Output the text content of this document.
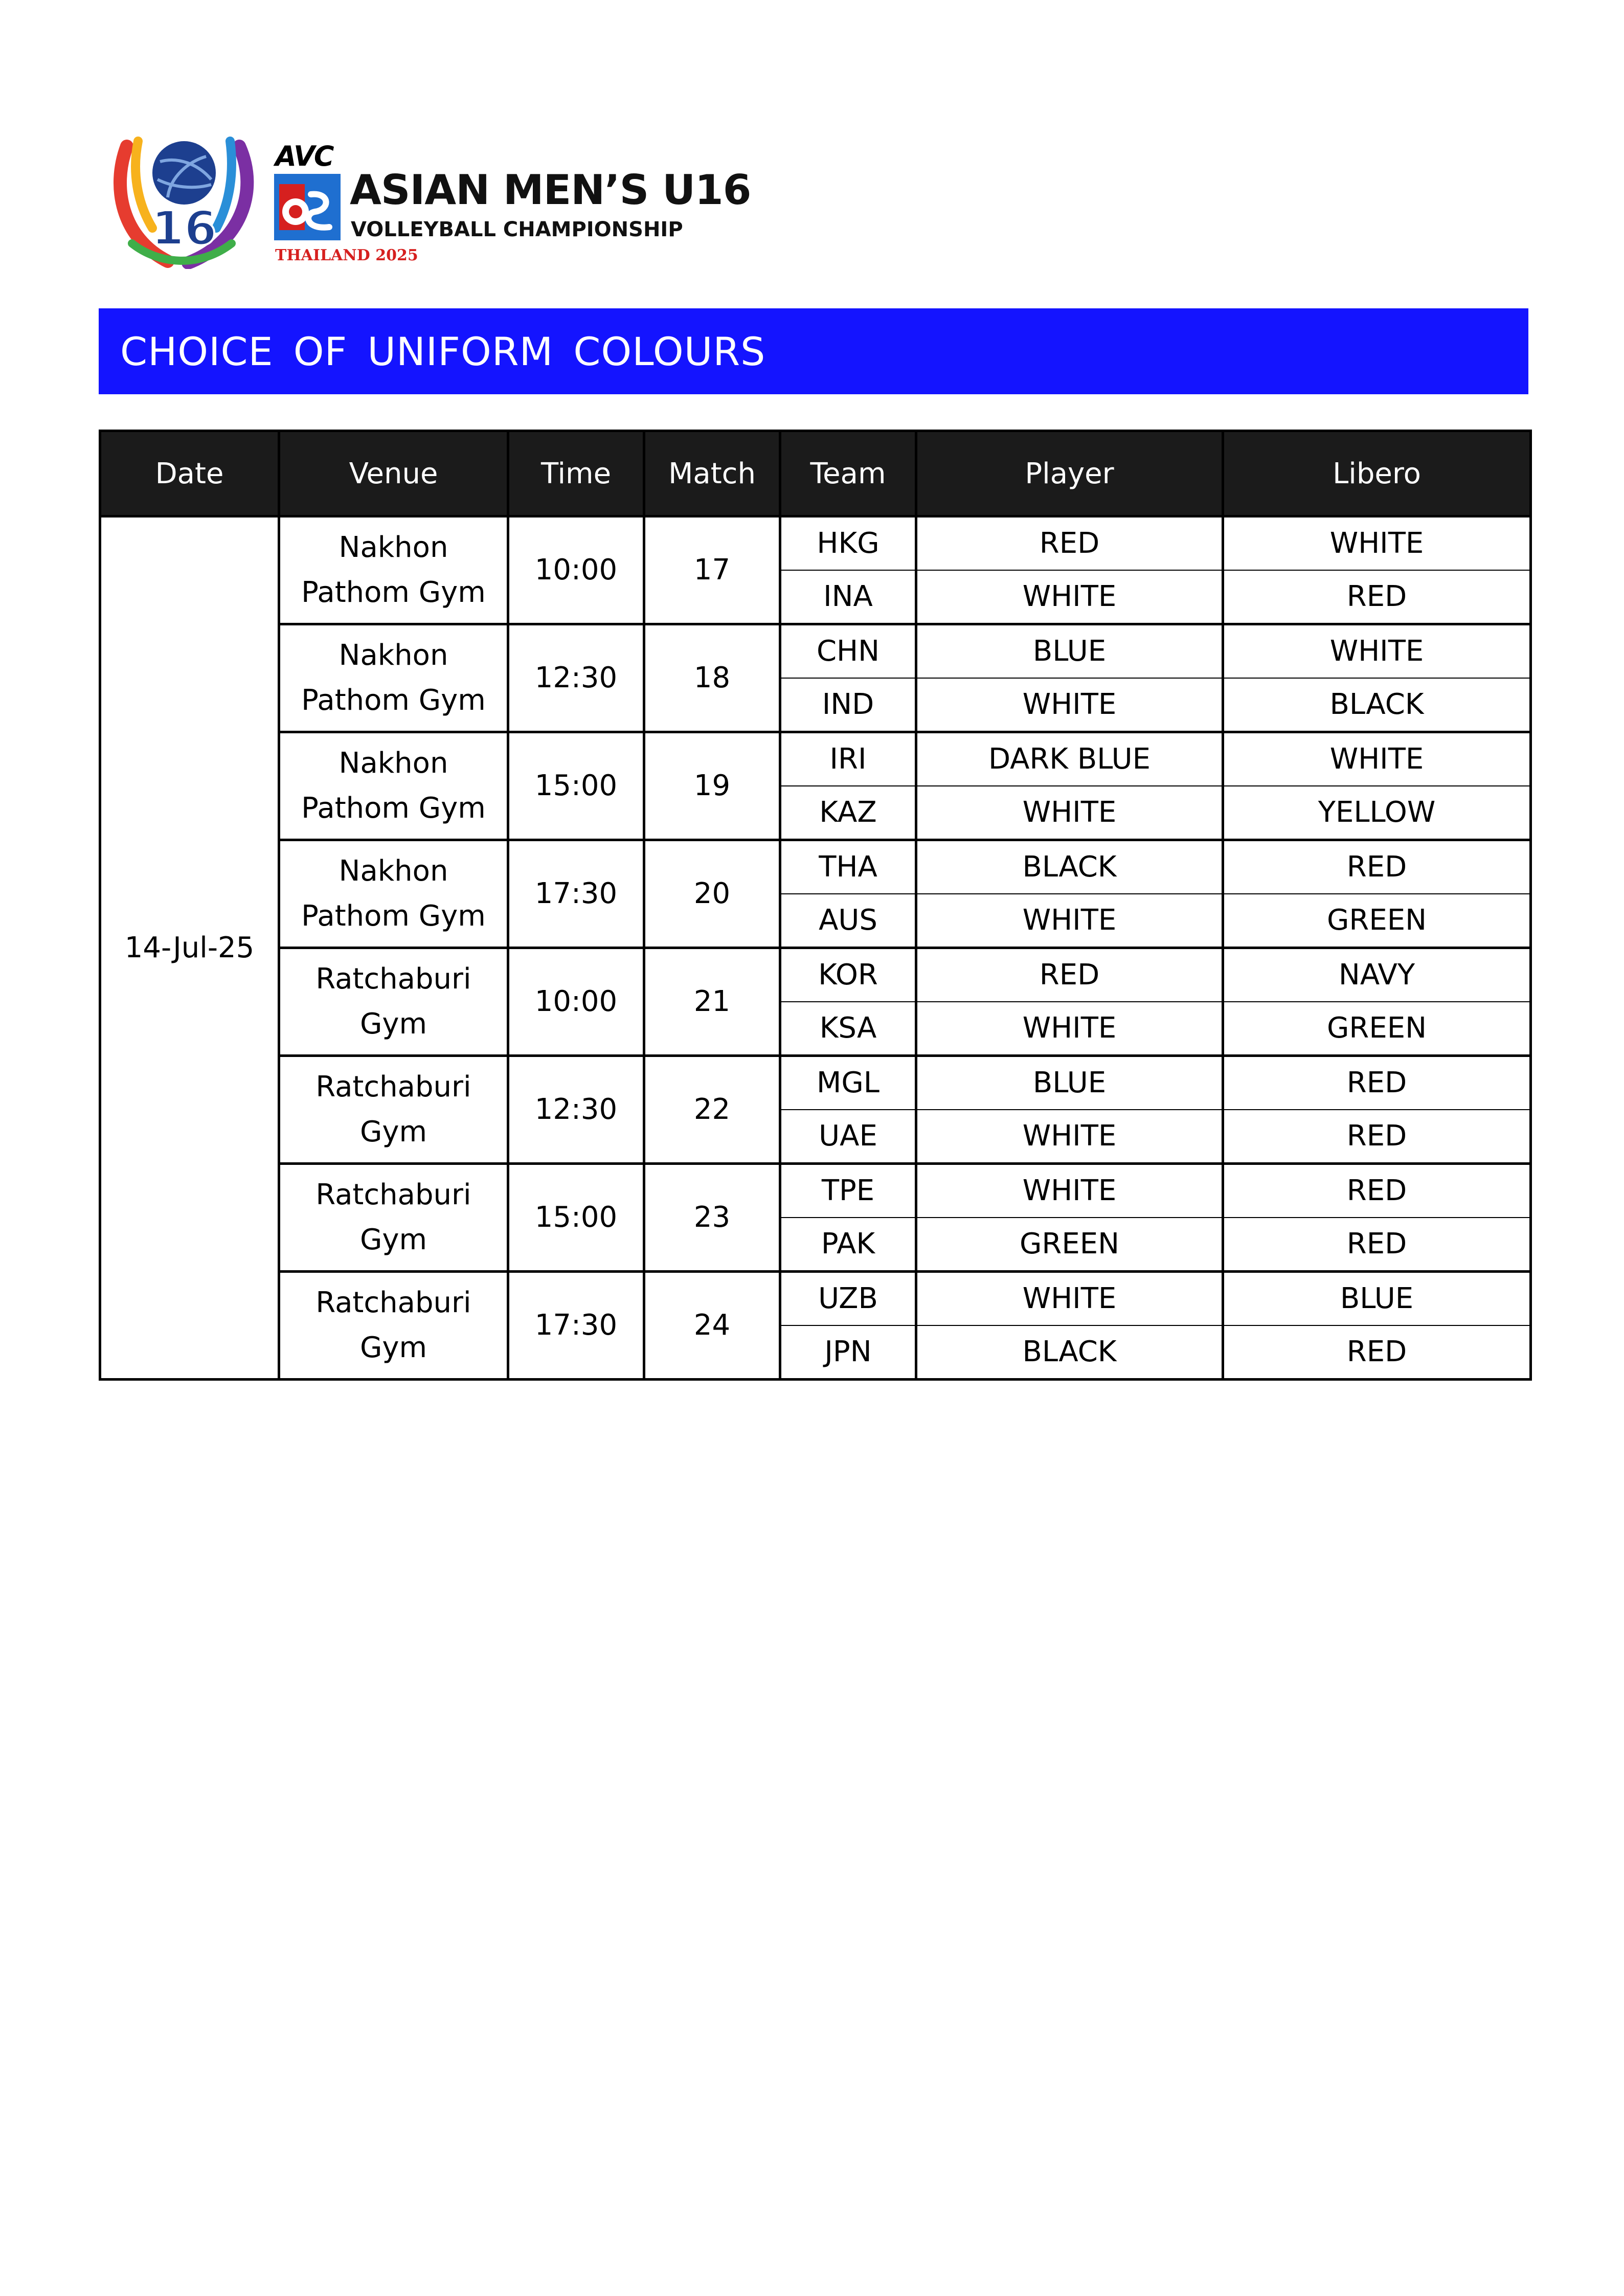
16
AVC
ASIAN MEN’S U16
VOLLEYBALL CHAMPIONSHIP
THAILAND 2025
CHOICE OF UNIFORM COLOURS
Date	Venue	Time	Match	Team	Player	Libero
14-Jul-25	Nakhon
Pathom Gym	10:00	17	HKG	RED	WHITE
				INA	WHITE	RED
	Nakhon
Pathom Gym	12:30	18	CHN	BLUE	WHITE
				IND	WHITE	BLACK
	Nakhon
Pathom Gym	15:00	19	IRI	DARK BLUE	WHITE
				KAZ	WHITE	YELLOW
	Nakhon
Pathom Gym	17:30	20	THA	BLACK	RED
				AUS	WHITE	GREEN
	Ratchaburi
Gym	10:00	21	KOR	RED	NAVY
				KSA	WHITE	GREEN
	Ratchaburi
Gym	12:30	22	MGL	BLUE	RED
				UAE	WHITE	RED
	Ratchaburi
Gym	15:00	23	TPE	WHITE	RED
				PAK	GREEN	RED
	Ratchaburi
Gym	17:30	24	UZB	WHITE	BLUE
				JPN	BLACK	RED
